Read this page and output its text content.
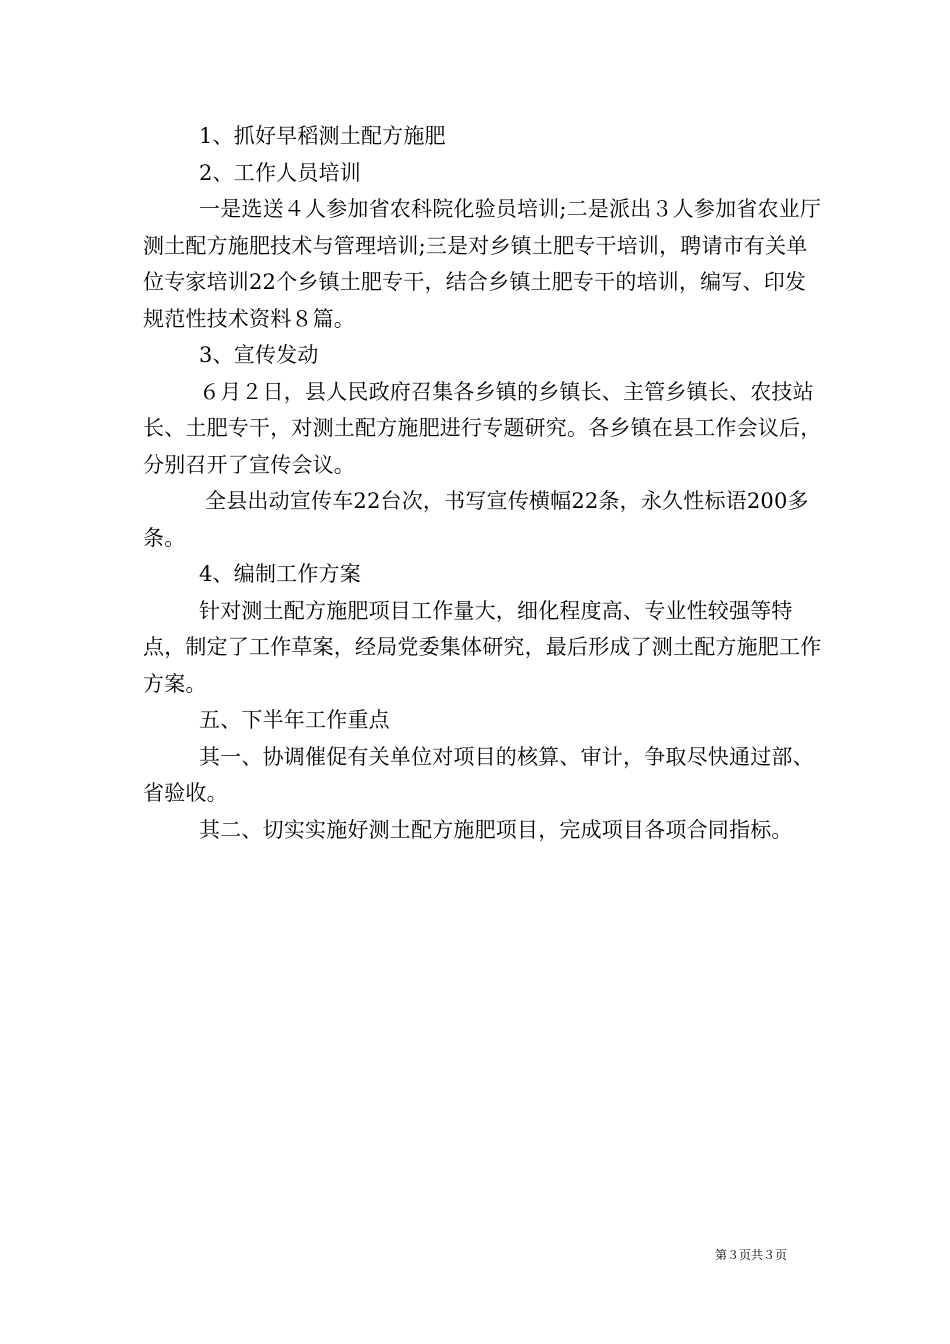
1、抓好早稻测土配方施肥

2、工作人员培训

一是选送４人参加省农科院化验员培训;二是派出３人参加省农业厅测土配方施肥技术与管理培训;三是对乡镇土肥专干培训，聘请市有关单位专家培训22个乡镇土肥专干，结合乡镇土肥专干的培训，编写、印发规范性技术资料８篇。

3、宣传发动

６月２日，县人民政府召集各乡镇的乡镇长、主管乡镇长、农技站长、土肥专干，对测土配方施肥进行专题研究。各乡镇在县工作会议后，分别召开了宣传会议。

全县出动宣传车22台次，书写宣传横幅22条，永久性标语200多条。

4、编制工作方案

针对测土配方施肥项目工作量大，细化程度高、专业性较强等特点，制定了工作草案，经局党委集体研究，最后形成了测土配方施肥工作方案。

五、下半年工作重点

其一、协调催促有关单位对项目的核算、审计，争取尽快通过部、省验收。

其二、切实实施好测土配方施肥项目，完成项目各项合同指标。

第３页共３页
